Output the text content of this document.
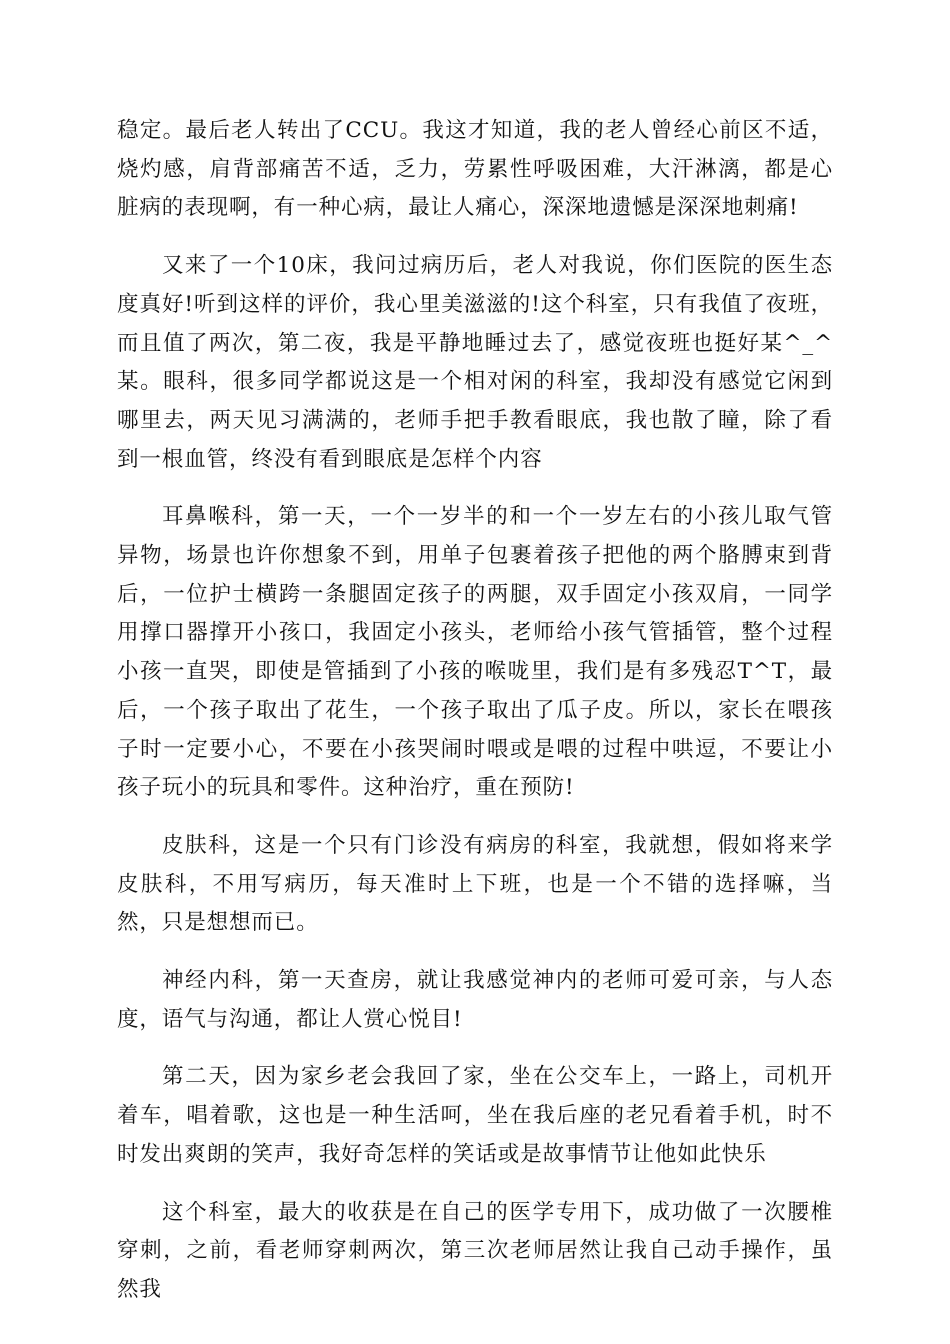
稳定。最后老人转出了CCU。我这才知道，我的老人曾经心前区不适，烧灼感，肩背部痛苦不适，乏力，劳累性呼吸困难，大汗淋漓，都是心脏病的表现啊，有一种心病，最让人痛心，深深地遗憾是深深地刺痛!

又来了一个10床，我问过病历后，老人对我说，你们医院的医生态度真好!听到这样的评价，我心里美滋滋的!这个科室，只有我值了夜班，而且值了两次，第二夜，我是平静地睡过去了，感觉夜班也挺好某^_^某。眼科，很多同学都说这是一个相对闲的科室，我却没有感觉它闲到哪里去，两天见习满满的，老师手把手教看眼底，我也散了瞳，除了看到一根血管，终没有看到眼底是怎样个内容

耳鼻喉科，第一天，一个一岁半的和一个一岁左右的小孩儿取气管异物，场景也许你想象不到，用单子包裹着孩子把他的两个胳膊束到背后，一位护士横跨一条腿固定孩子的两腿，双手固定小孩双肩，一同学用撑口器撑开小孩口，我固定小孩头，老师给小孩气管插管，整个过程小孩一直哭，即使是管插到了小孩的喉咙里，我们是有多残忍T^T，最后，一个孩子取出了花生，一个孩子取出了瓜子皮。所以，家长在喂孩子时一定要小心，不要在小孩哭闹时喂或是喂的过程中哄逗，不要让小孩子玩小的玩具和零件。这种治疗，重在预防!

皮肤科，这是一个只有门诊没有病房的科室，我就想，假如将来学皮肤科，不用写病历，每天准时上下班，也是一个不错的选择嘛，当然，只是想想而已。

神经内科，第一天查房，就让我感觉神内的老师可爱可亲，与人态度，语气与沟通，都让人赏心悦目!

第二天，因为家乡老会我回了家，坐在公交车上，一路上，司机开着车，唱着歌，这也是一种生活呵，坐在我后座的老兄看着手机，时不时发出爽朗的笑声，我好奇怎样的笑话或是故事情节让他如此快乐

这个科室，最大的收获是在自己的医学专用下，成功做了一次腰椎穿刺，之前，看老师穿刺两次，第三次老师居然让我自己动手操作，虽然我
